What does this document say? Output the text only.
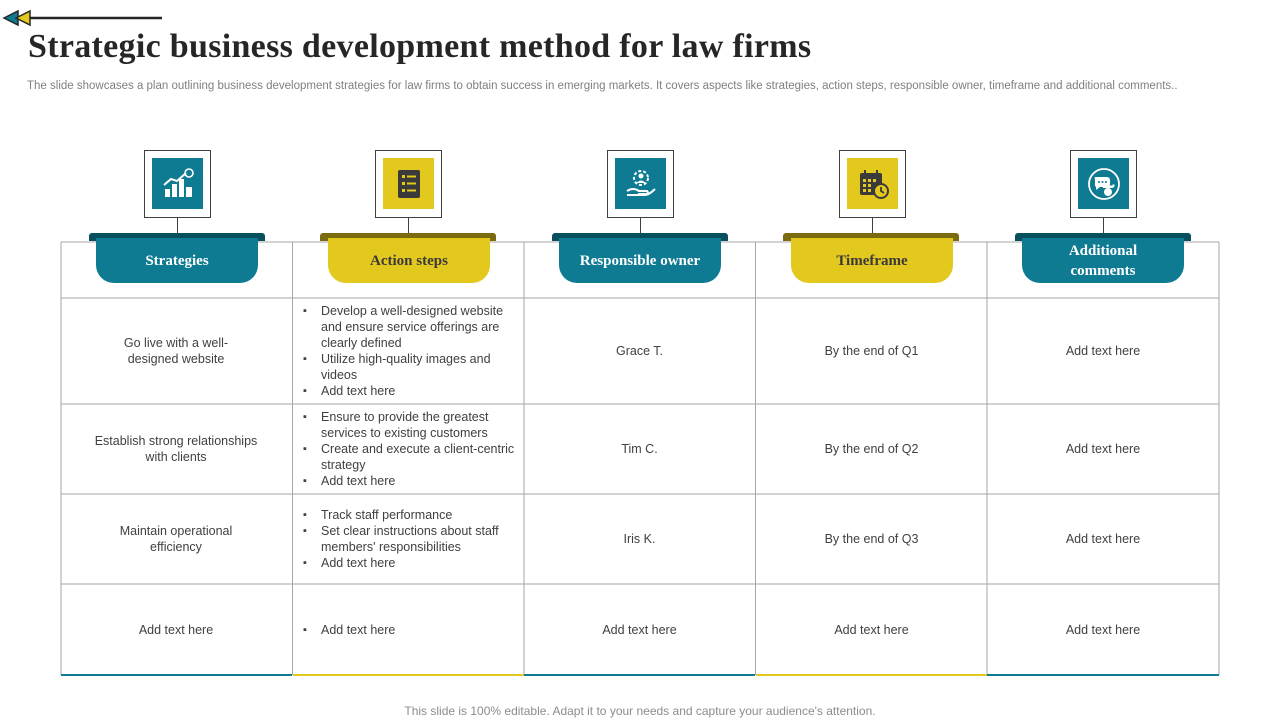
Strategic business development method for law firms

The slide showcases a plan outlining business development strategies for law firms to obtain success in emerging markets. It covers aspects like strategies, action steps, responsible owner, timeframe and additional comments..

Strategies	Action steps	Responsible owner	Timeframe
Additional comments
Go live with a well-designed website
▪ Develop a well-designed website and ensure service offerings are clearly defined
▪ Utilize high-quality images and videos
▪ Add text here
Grace T.	By the end of Q1	Add text here
Establish strong relationships with clients
▪ Ensure to provide the greatest services to existing customers
▪ Create and execute a client-centric strategy
▪ Add text here
Tim C.	By the end of Q2	Add text here
Maintain operational efficiency
▪ Track staff performance
▪ Set clear instructions about staff members' responsibilities
▪ Add text here
Iris K.	By the end of Q3	Add text here
Add text here
▪	Add text here	Add text here	Add text here	Add text here

This slide is 100% editable. Adapt it to your needs and capture your audience's attention.
